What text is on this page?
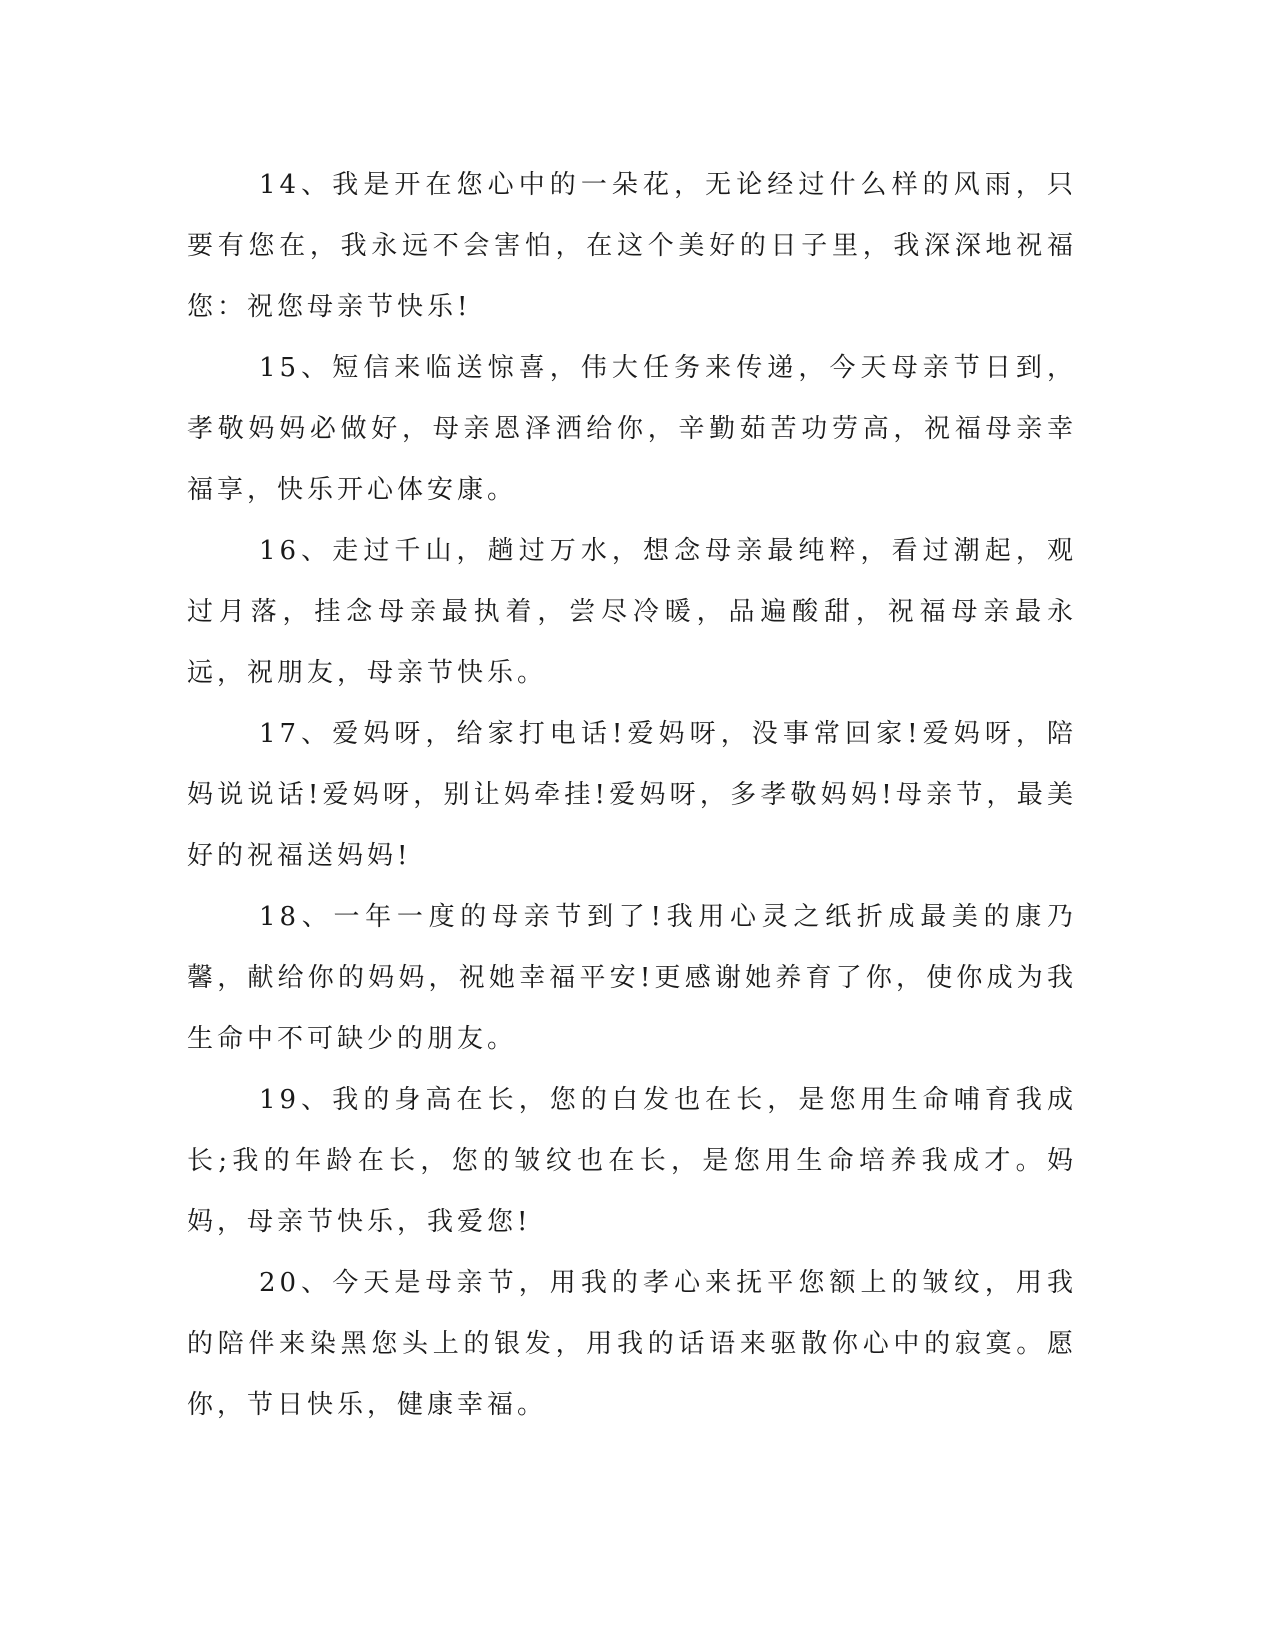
14、我是开在您心中的一朵花，无论经过什么样的风雨，只要有您在，我永远不会害怕，在这个美好的日子里，我深深地祝福您：祝您母亲节快乐!

15、短信来临送惊喜，伟大任务来传递，今天母亲节日到，孝敬妈妈必做好，母亲恩泽洒给你，辛勤茹苦功劳高，祝福母亲幸福享，快乐开心体安康。

16、走过千山，趟过万水，想念母亲最纯粹，看过潮起，观过月落，挂念母亲最执着，尝尽冷暖，品遍酸甜，祝福母亲最永远，祝朋友，母亲节快乐。

17、爱妈呀，给家打电话!爱妈呀，没事常回家!爱妈呀，陪妈说说话!爱妈呀，别让妈牵挂!爱妈呀，多孝敬妈妈!母亲节，最美好的祝福送妈妈!

18、一年一度的母亲节到了!我用心灵之纸折成最美的康乃馨，献给你的妈妈，祝她幸福平安!更感谢她养育了你，使你成为我生命中不可缺少的朋友。

19、我的身高在长，您的白发也在长，是您用生命哺育我成长;我的年龄在长，您的皱纹也在长，是您用生命培养我成才。妈妈，母亲节快乐，我爱您!

20、今天是母亲节，用我的孝心来抚平您额上的皱纹，用我的陪伴来染黑您头上的银发，用我的话语来驱散你心中的寂寞。愿你，节日快乐，健康幸福。
